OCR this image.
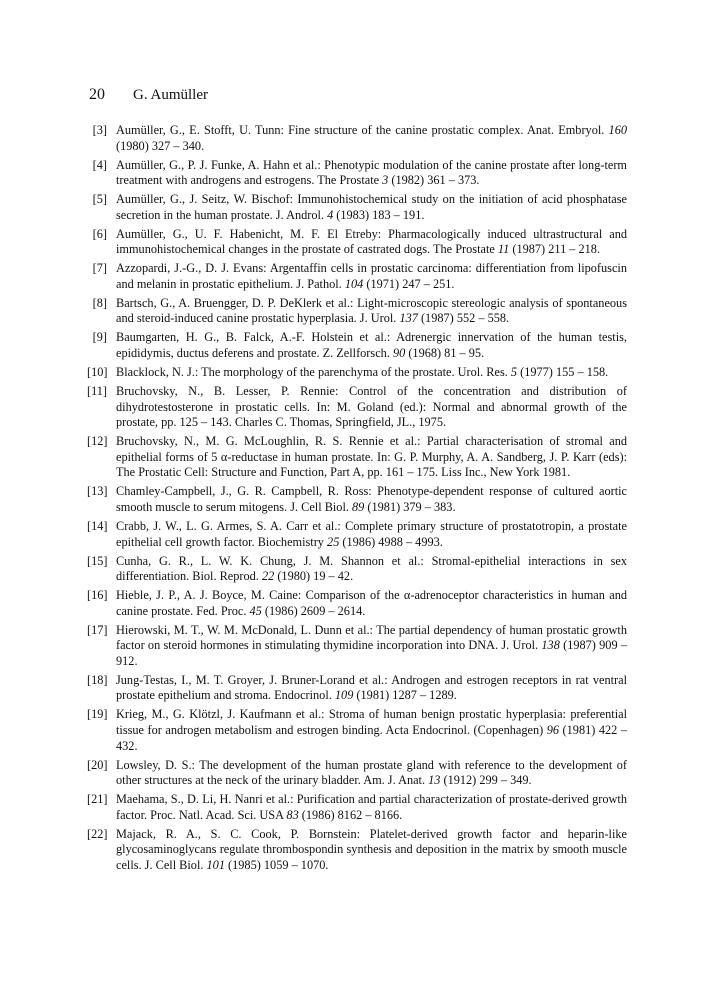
20 G. Aumüller
[3] Aumüller, G., E. Stofft, U. Tunn: Fine structure of the canine prostatic complex. Anat. Embryol. 160 (1980) 327 – 340.
[4] Aumüller, G., P. J. Funke, A. Hahn et al.: Phenotypic modulation of the canine prostate after long-term treatment with androgens and estrogens. The Prostate 3 (1982) 361 – 373.
[5] Aumüller, G., J. Seitz, W. Bischof: Immunohistochemical study on the initiation of acid phosphatase secretion in the human prostate. J. Androl. 4 (1983) 183 – 191.
[6] Aumüller, G., U. F. Habenicht, M. F. El Etreby: Pharmacologically induced ultrastructural and immunohistochemical changes in the prostate of castrated dogs. The Prostate 11 (1987) 211 – 218.
[7] Azzopardi, J.-G., D. J. Evans: Argentaffin cells in prostatic carcinoma: differentiation from lipofuscin and melanin in prostatic epithelium. J. Pathol. 104 (1971) 247 – 251.
[8] Bartsch, G., A. Bruengger, D. P. DeKlerk et al.: Light-microscopic stereologic analysis of spontaneous and steroid-induced canine prostatic hyperplasia. J. Urol. 137 (1987) 552 – 558.
[9] Baumgarten, H. G., B. Falck, A.-F. Holstein et al.: Adrenergic innervation of the human testis, epididymis, ductus deferens and prostate. Z. Zellforsch. 90 (1968) 81 – 95.
[10] Blacklock, N. J.: The morphology of the parenchyma of the prostate. Urol. Res. 5 (1977) 155 – 158.
[11] Bruchovsky, N., B. Lesser, P. Rennie: Control of the concentration and distribution of dihydrotestosterone in prostatic cells. In: M. Goland (ed.): Normal and abnormal growth of the prostate, pp. 125 – 143. Charles C. Thomas, Springfield, JL., 1975.
[12] Bruchovsky, N., M. G. McLoughlin, R. S. Rennie et al.: Partial characterisation of stromal and epithelial forms of 5 α-reductase in human prostate. In: G. P. Murphy, A. A. Sandberg, J. P. Karr (eds): The Prostatic Cell: Structure and Function, Part A, pp. 161 – 175. Liss Inc., New York 1981.
[13] Chamley-Campbell, J., G. R. Campbell, R. Ross: Phenotype-dependent response of cultured aortic smooth muscle to serum mitogens. J. Cell Biol. 89 (1981) 379 – 383.
[14] Crabb, J. W., L. G. Armes, S. A. Carr et al.: Complete primary structure of prostatotropin, a prostate epithelial cell growth factor. Biochemistry 25 (1986) 4988 – 4993.
[15] Cunha, G. R., L. W. K. Chung, J. M. Shannon et al.: Stromal-epithelial interactions in sex differentiation. Biol. Reprod. 22 (1980) 19 – 42.
[16] Hieble, J. P., A. J. Boyce, M. Caine: Comparison of the α-adrenoceptor characteristics in human and canine prostate. Fed. Proc. 45 (1986) 2609 – 2614.
[17] Hierowski, M. T., W. M. McDonald, L. Dunn et al.: The partial dependency of human prostatic growth factor on steroid hormones in stimulating thymidine incorporation into DNA. J. Urol. 138 (1987) 909 – 912.
[18] Jung-Testas, I., M. T. Groyer, J. Bruner-Lorand et al.: Androgen and estrogen receptors in rat ventral prostate epithelium and stroma. Endocrinol. 109 (1981) 1287 – 1289.
[19] Krieg, M., G. Klötzl, J. Kaufmann et al.: Stroma of human benign prostatic hyperplasia: preferential tissue for androgen metabolism and estrogen binding. Acta Endocrinol. (Copenhagen) 96 (1981) 422 – 432.
[20] Lowsley, D. S.: The development of the human prostate gland with reference to the development of other structures at the neck of the urinary bladder. Am. J. Anat. 13 (1912) 299 – 349.
[21] Maehama, S., D. Li, H. Nanri et al.: Purification and partial characterization of prostate-derived growth factor. Proc. Natl. Acad. Sci. USA 83 (1986) 8162 – 8166.
[22] Majack, R. A., S. C. Cook, P. Bornstein: Platelet-derived growth factor and heparin-like glycosaminoglycans regulate thrombospondin synthesis and deposition in the matrix by smooth muscle cells. J. Cell Biol. 101 (1985) 1059 – 1070.
